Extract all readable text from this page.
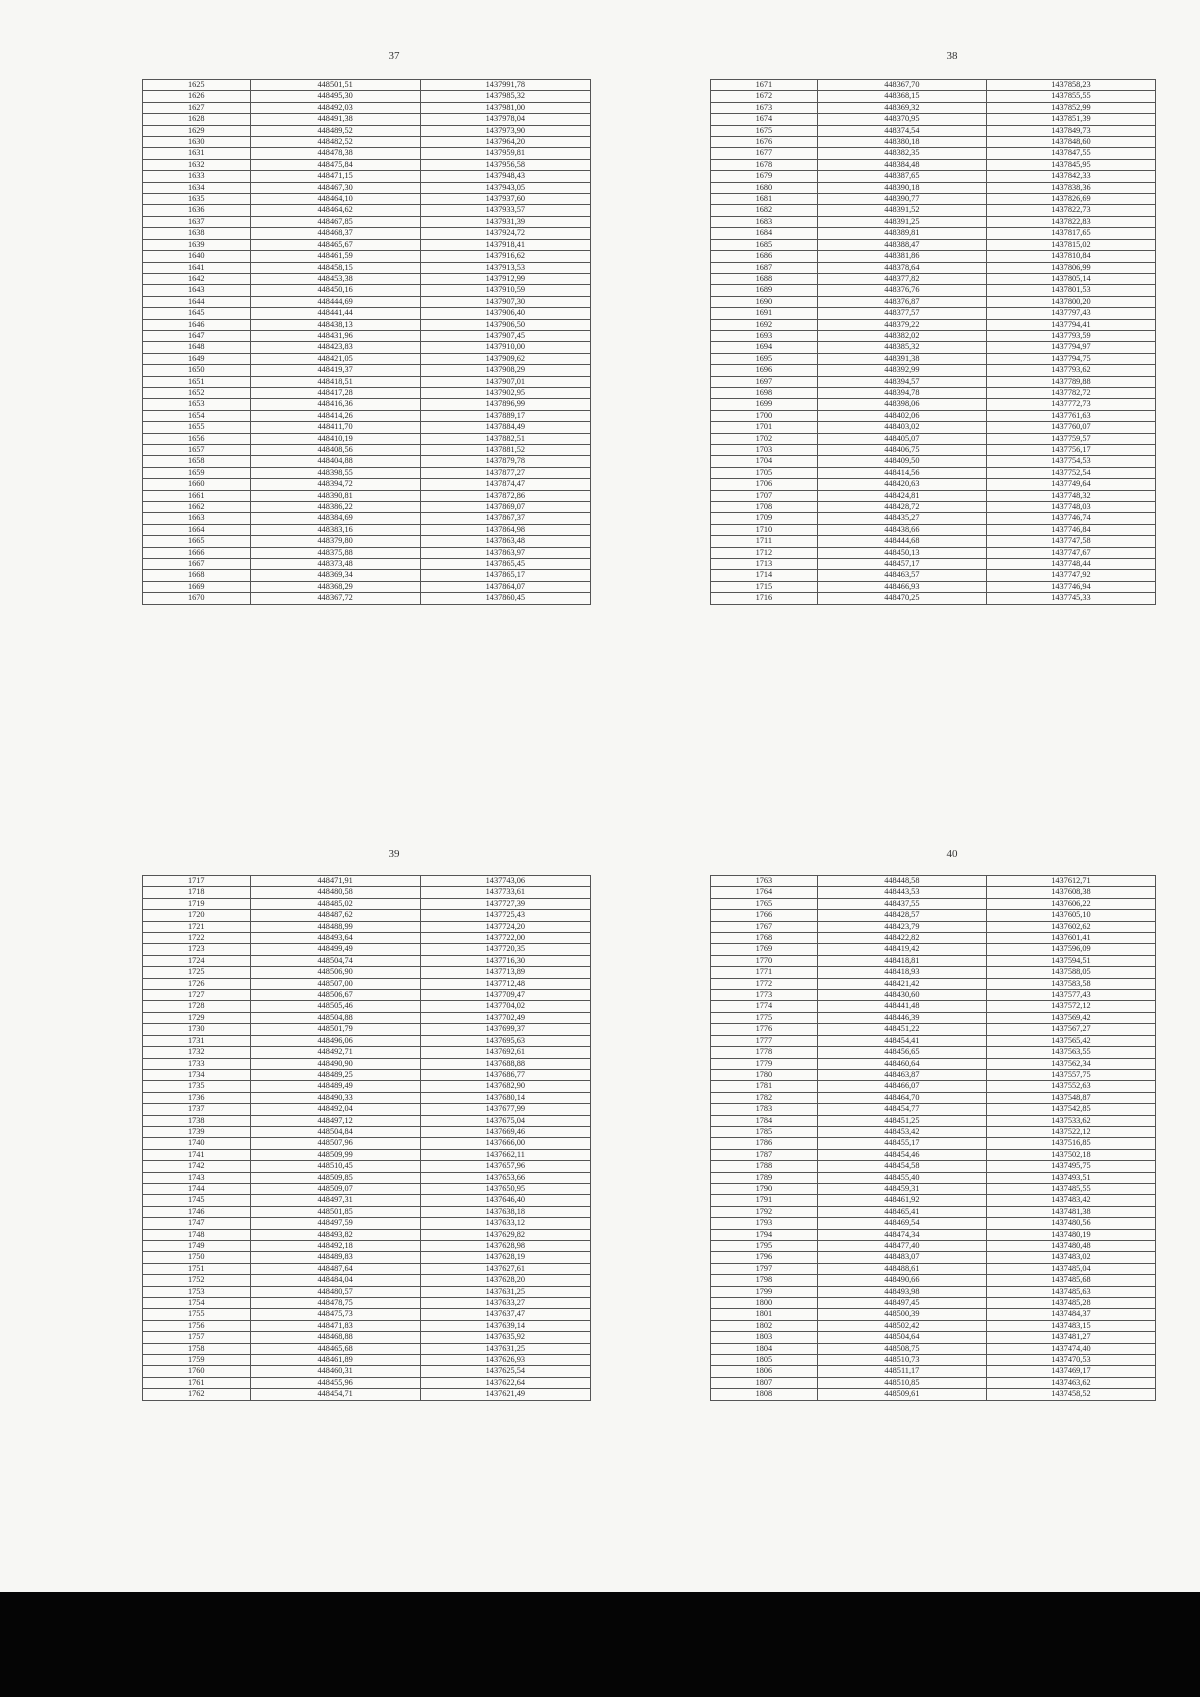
37
1625	448501,51	1437991,78
1626	448495,30	1437985,32
1627	448492,03	1437981,00
1628	448491,38	1437978,04
1629	448489,52	1437973,90
1630	448482,52	1437964,20
1631	448478,38	1437959,81
1632	448475,84	1437956,58
1633	448471,15	1437948,43
1634	448467,30	1437943,05
1635	448464,10	1437937,60
1636	448464,62	1437933,57
1637	448467,85	1437931,39
1638	448468,37	1437924,72
1639	448465,67	1437918,41
1640	448461,59	1437916,62
1641	448458,15	1437913,53
1642	448453,38	1437912,99
1643	448450,16	1437910,59
1644	448444,69	1437907,30
1645	448441,44	1437906,40
1646	448438,13	1437906,50
1647	448431,96	1437907,45
1648	448423,83	1437910,00
1649	448421,05	1437909,62
1650	448419,37	1437908,29
1651	448418,51	1437907,01
1652	448417,28	1437902,95
1653	448416,36	1437896,99
1654	448414,26	1437889,17
1655	448411,70	1437884,49
1656	448410,19	1437882,51
1657	448408,56	1437881,52
1658	448404,88	1437879,78
1659	448398,55	1437877,27
1660	448394,72	1437874,47
1661	448390,81	1437872,86
1662	448386,22	1437869,07
1663	448384,69	1437867,37
1664	448383,16	1437864,98
1665	448379,80	1437863,48
1666	448375,88	1437863,97
1667	448373,48	1437865,45
1668	448369,34	1437865,17
1669	448368,29	1437864,07
1670	448367,72	1437860,45
38
1671	448367,70	1437858,23
1672	448368,15	1437855,55
1673	448369,32	1437852,99
1674	448370,95	1437851,39
1675	448374,54	1437849,73
1676	448380,18	1437848,60
1677	448382,35	1437847,55
1678	448384,48	1437845,95
1679	448387,65	1437842,33
1680	448390,18	1437838,36
1681	448390,77	1437826,69
1682	448391,52	1437822,73
1683	448391,25	1437822,83
1684	448389,81	1437817,65
1685	448388,47	1437815,02
1686	448381,86	1437810,84
1687	448378,64	1437806,99
1688	448377,82	1437805,14
1689	448376,76	1437801,53
1690	448376,87	1437800,20
1691	448377,57	1437797,43
1692	448379,22	1437794,41
1693	448382,02	1437793,59
1694	448385,32	1437794,97
1695	448391,38	1437794,75
1696	448392,99	1437793,62
1697	448394,57	1437789,88
1698	448394,78	1437782,72
1699	448398,06	1437772,73
1700	448402,06	1437761,63
1701	448403,02	1437760,07
1702	448405,07	1437759,57
1703	448406,75	1437756,17
1704	448409,50	1437754,53
1705	448414,56	1437752,54
1706	448420,63	1437749,64
1707	448424,81	1437748,32
1708	448428,72	1437748,03
1709	448435,27	1437746,74
1710	448438,66	1437746,84
1711	448444,68	1437747,58
1712	448450,13	1437747,67
1713	448457,17	1437748,44
1714	448463,57	1437747,92
1715	448466,93	1437746,94
1716	448470,25	1437745,33
39
1717	448471,91	1437743,06
1718	448480,58	1437733,61
1719	448485,02	1437727,39
1720	448487,62	1437725,43
1721	448488,99	1437724,20
1722	448493,64	1437722,00
1723	448499,49	1437720,35
1724	448504,74	1437716,30
1725	448506,90	1437713,89
1726	448507,00	1437712,48
1727	448506,67	1437709,47
1728	448505,46	1437704,02
1729	448504,88	1437702,49
1730	448501,79	1437699,37
1731	448496,06	1437695,63
1732	448492,71	1437692,61
1733	448490,90	1437688,88
1734	448489,25	1437686,77
1735	448489,49	1437682,90
1736	448490,33	1437680,14
1737	448492,04	1437677,99
1738	448497,12	1437675,04
1739	448504,84	1437669,46
1740	448507,96	1437666,00
1741	448509,99	1437662,11
1742	448510,45	1437657,96
1743	448509,85	1437653,66
1744	448509,07	1437650,95
1745	448497,31	1437646,40
1746	448501,85	1437638,18
1747	448497,59	1437633,12
1748	448493,82	1437629,82
1749	448492,18	1437628,98
1750	448489,83	1437628,19
1751	448487,64	1437627,61
1752	448484,04	1437628,20
1753	448480,57	1437631,25
1754	448478,75	1437633,27
1755	448475,73	1437637,47
1756	448471,83	1437639,14
1757	448468,88	1437635,92
1758	448465,68	1437631,25
1759	448461,89	1437626,93
1760	448460,31	1437625,54
1761	448455,96	1437622,64
1762	448454,71	1437621,49
40
1763	448448,58	1437612,71
1764	448443,53	1437608,38
1765	448437,55	1437606,22
1766	448428,57	1437605,10
1767	448423,79	1437602,62
1768	448422,82	1437601,41
1769	448419,42	1437596,09
1770	448418,81	1437594,51
1771	448418,93	1437588,05
1772	448421,42	1437583,58
1773	448430,60	1437577,43
1774	448441,48	1437572,12
1775	448446,39	1437569,42
1776	448451,22	1437567,27
1777	448454,41	1437565,42
1778	448456,65	1437563,55
1779	448460,64	1437562,34
1780	448463,87	1437557,75
1781	448466,07	1437552,63
1782	448464,70	1437548,87
1783	448454,77	1437542,85
1784	448451,25	1437533,62
1785	448453,42	1437522,12
1786	448455,17	1437516,85
1787	448454,46	1437502,18
1788	448454,58	1437495,75
1789	448455,40	1437493,51
1790	448459,31	1437485,55
1791	448461,92	1437483,42
1792	448465,41	1437481,38
1793	448469,54	1437480,56
1794	448474,34	1437480,19
1795	448477,40	1437480,48
1796	448483,07	1437483,02
1797	448488,61	1437485,04
1798	448490,66	1437485,68
1799	448493,98	1437485,63
1800	448497,45	1437485,28
1801	448500,39	1437484,37
1802	448502,42	1437483,15
1803	448504,64	1437481,27
1804	448508,75	1437474,40
1805	448510,73	1437470,53
1806	448511,17	1437469,17
1807	448510,85	1437463,62
1808	448509,61	1437458,52
